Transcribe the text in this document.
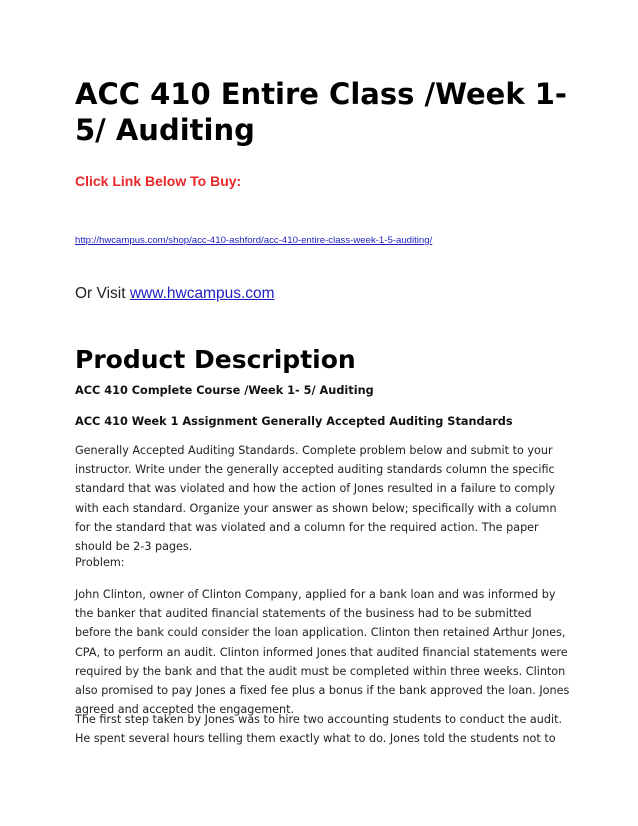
ACC 410 Entire Class /Week 1- 5/ Auditing

Click Link Below To Buy:

http://hwcampus.com/shop/acc-410-ashford/acc-410-entire-class-week-1-5-auditing/
Or Visit www.hwcampus.com
Product Description
ACC 410 Complete Course /Week 1- 5/ Auditing
ACC 410 Week 1 Assignment Generally Accepted Auditing Standards

Generally Accepted Auditing Standards. Complete problem below and submit to your instructor. Write under the generally accepted auditing standards column the specific standard that was violated and how the action of Jones resulted in a failure to comply with each standard. Organize your answer as shown below; specifically with a column for the standard that was violated and a column for the required action. The paper should be 2-3 pages.

Problem:

John Clinton, owner of Clinton Company, applied for a bank loan and was informed by the banker that audited financial statements of the business had to be submitted before the bank could consider the loan application. Clinton then retained Arthur Jones, CPA, to perform an audit. Clinton informed Jones that audited financial statements were required by the bank and that the audit must be completed within three weeks. Clinton also promised to pay Jones a fixed fee plus a bonus if the bank approved the loan. Jones agreed and accepted the engagement.

The first step taken by Jones was to hire two accounting students to conduct the audit. He spent several hours telling them exactly what to do. Jones told the students not to
